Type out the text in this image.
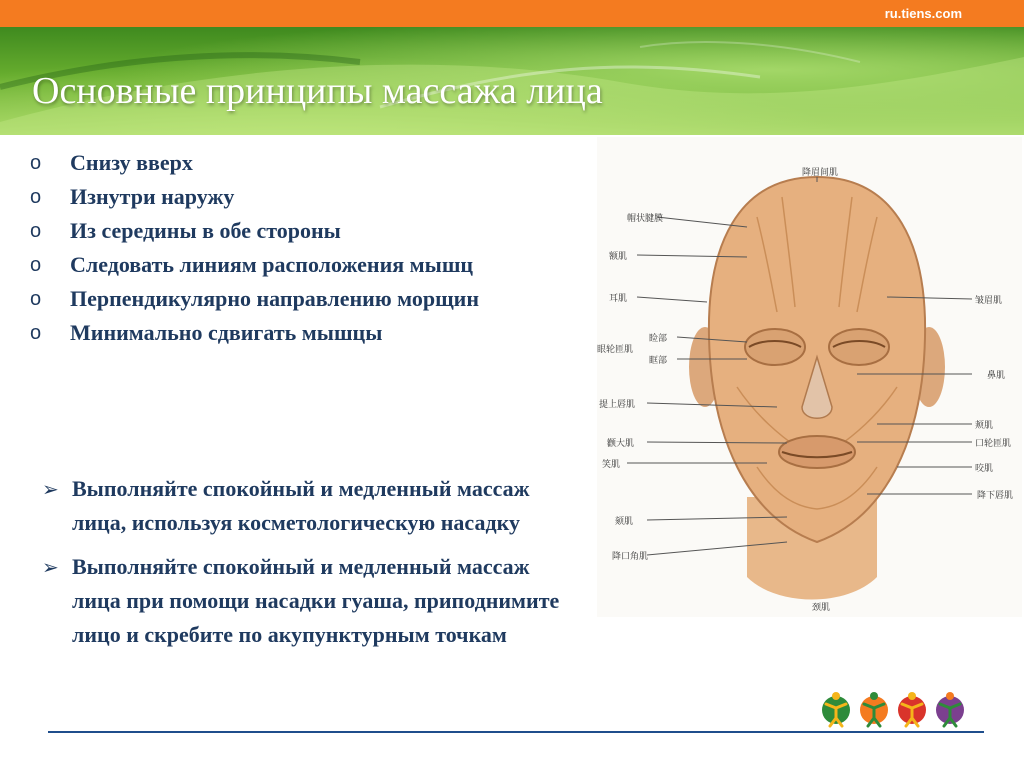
ru.tiens.com
Основные принципы массажа лица
o Снизу вверх
o Изнутри наружу
o Из середины в обе стороны
o Следовать линиям расположения мышц
o Перпендикулярно направлению морщин
o Минимально сдвигать мышцы
➢ Выполняйте спокойный и медленный массаж лица, используя косметологическую насадку
➢ Выполняйте спокойный и медленный массаж лица при помощи насадки гуаша, приподнимите лицо и скребите по акупунктурным точкам
降眉间肌
帽状腱膜
额肌
耳肌
睑部
眶部
眼轮匝肌
提上唇肌
颧大肌
笑肌
颏肌
降口角肌
皱眉肌
鼻肌
颊肌
口轮匝肌
咬肌
降下唇肌
颈肌
